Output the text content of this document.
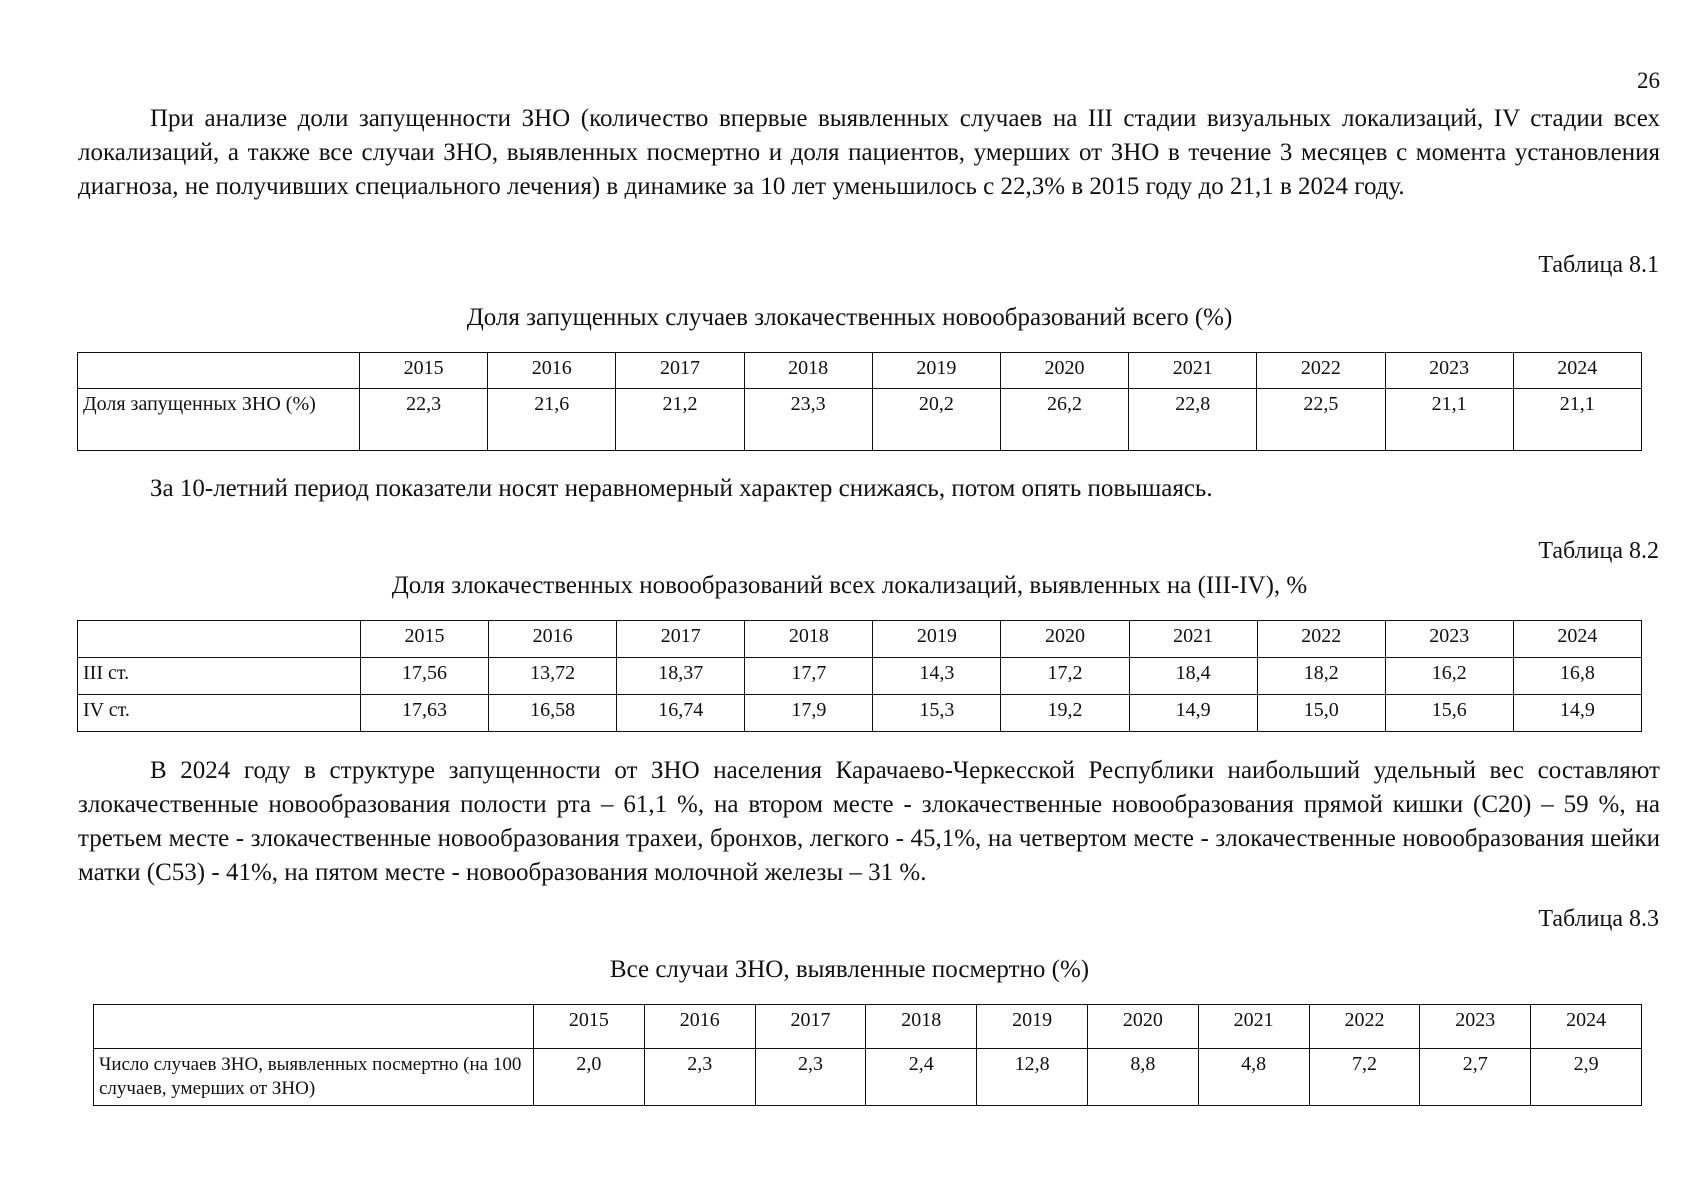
26

При анализе доли запущенности ЗНО (количество впервые выявленных случаев на III стадии визуальных локализаций, IV стадии всех локализаций, а также все случаи ЗНО, выявленных посмертно и доля пациентов, умерших от ЗНО в течение 3 месяцев с момента установления диагноза, не получивших специального лечения) в динамике за 10 лет уменьшилось с 22,3% в 2015 году до 21,1 в 2024 году.

Таблица 8.1
Доля запущенных случаев злокачественных новообразований всего (%)
	2015	2016	2017	2018	2019	2020	2021	2022	2023	2024
Доля запущенных ЗНО (%)	22,3	21,6	21,2	23,3	20,2	26,2	22,8	22,5	21,1	21,1

За 10-летний период показатели носят неравномерный характер снижаясь, потом опять повышаясь.

Таблица 8.2
Доля злокачественных новообразований всех локализаций, выявленных на (III-IV), %
	2015	2016	2017	2018	2019	2020	2021	2022	2023	2024
III ст.	17,56	13,72	18,37	17,7	14,3	17,2	18,4	18,2	16,2	16,8
IV ст.	17,63	16,58	16,74	17,9	15,3	19,2	14,9	15,0	15,6	14,9

В 2024 году в структуре запущенности от ЗНО населения Карачаево-Черкесской Республики наибольший удельный вес составляют злокачественные новообразования полости рта – 61,1 %, на втором месте - злокачественные новообразования прямой кишки (С20) – 59 %, на третьем месте - злокачественные новообразования трахеи, бронхов, легкого - 45,1%, на четвертом месте - злокачественные новообразования шейки матки (С53) - 41%, на пятом месте - новообразования молочной железы – 31 %.

Таблица 8.3
Все случаи ЗНО, выявленные посмертно (%)
	2015	2016	2017	2018	2019	2020	2021	2022	2023	2024
Число случаев ЗНО, выявленных посмертно (на 100 случаев, умерших от ЗНО)	2,0	2,3	2,3	2,4	12,8	8,8	4,8	7,2	2,7	2,9
